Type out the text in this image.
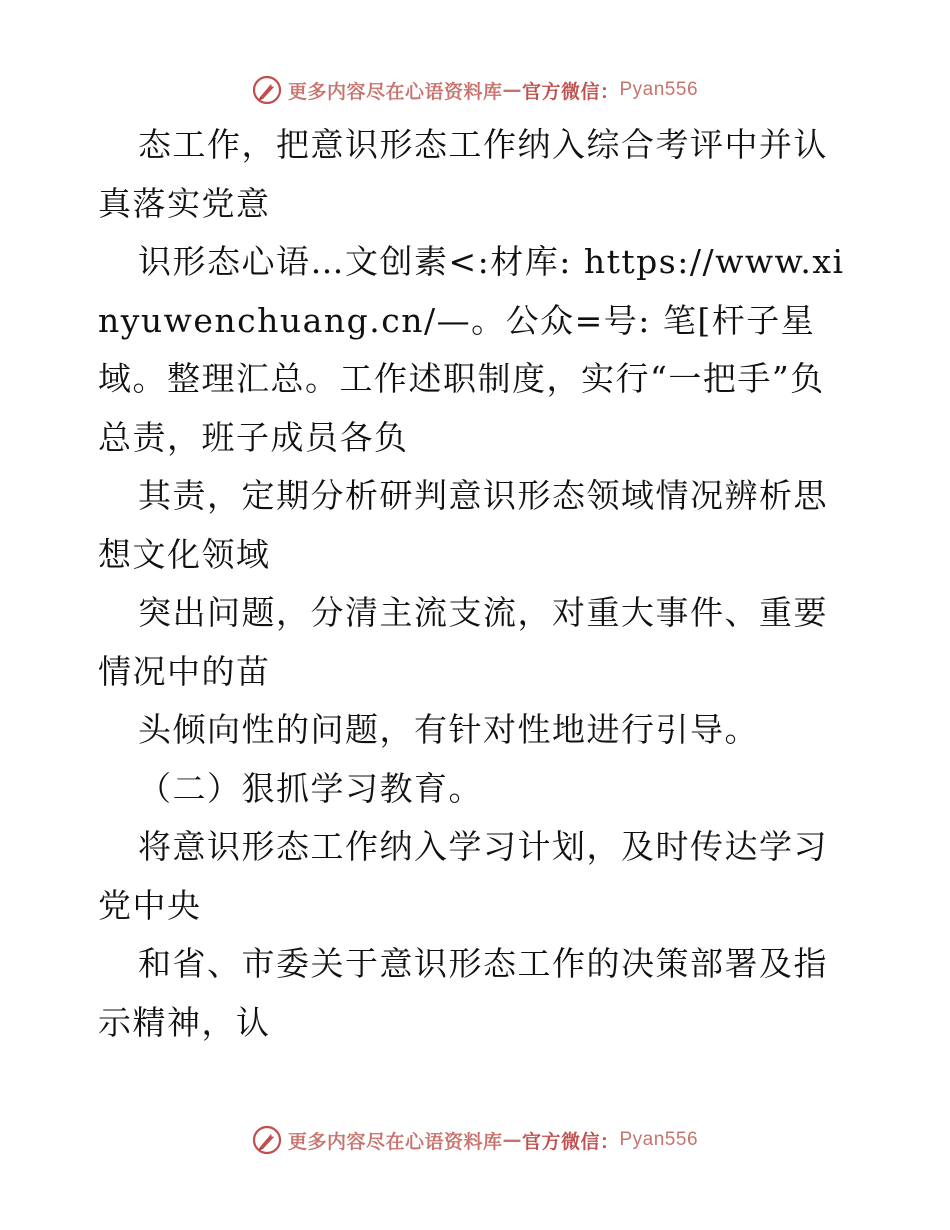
更多内容尽在心语资料库 — 官方微信： Pyan556

态工作，把意识形态工作纳入综合考评中并认真落实党意

识形态心语…文创素<:材库: https://www.xinyuwenchuang.cn/—。公众=号: 笔[杆子星域。整理汇总。工作述职制度，实行“一把手”负总责，班子成员各负

其责，定期分析研判意识形态领域情况辨析思想文化领域

突出问题，分清主流支流，对重大事件、重要情况中的苗

头倾向性的问题，有针对性地进行引导。

（二）狠抓学习教育。

将意识形态工作纳入学习计划，及时传达学习党中央

和省、市委关于意识形态工作的决策部署及指示精神，认

更多内容尽在心语资料库 — 官方微信： Pyan556
